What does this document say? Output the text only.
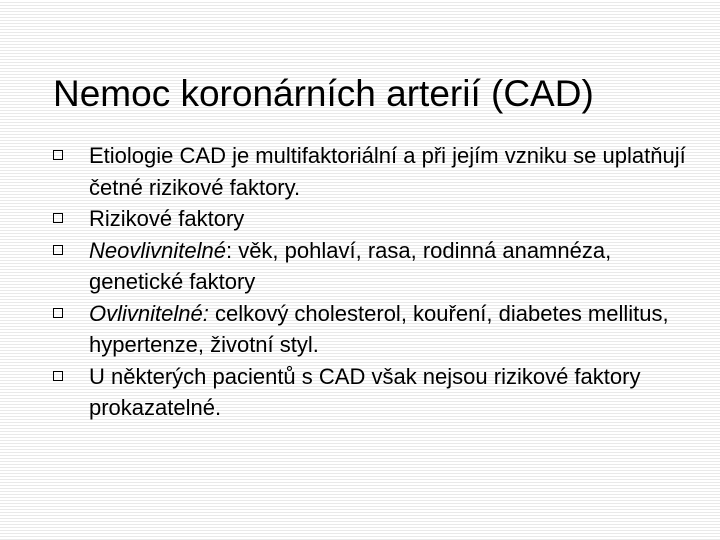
Nemoc koronárních arterií (CAD)
Etiologie CAD je multifaktoriální a při jejím vzniku se uplatňují četné rizikové faktory.
Rizikové faktory
Neovlivnitelné: věk, pohlaví, rasa, rodinná anamnéza, genetické faktory
Ovlivnitelné: celkový cholesterol, kouření, diabetes mellitus, hypertenze, životní styl.
U některých pacientů s CAD však nejsou rizikové faktory prokazatelné.
